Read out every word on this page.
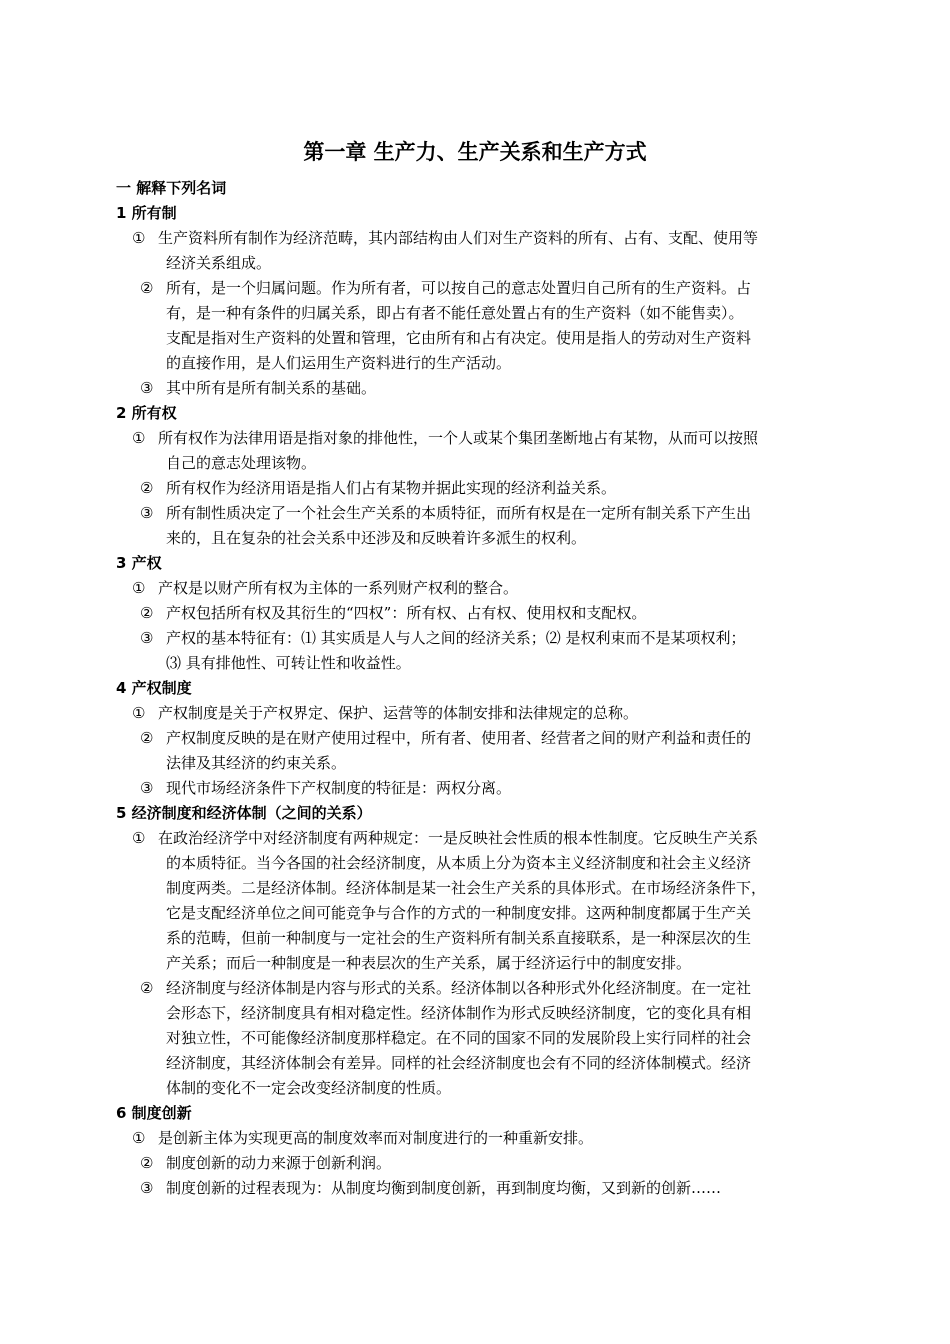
第一章 生产力、生产关系和生产方式
一 解释下列名词
1 所有制
① 生产资料所有制作为经济范畴，其内部结构由人们对生产资料的所有、占有、支配、使用等
经济关系组成。
② 所有，是一个归属问题。作为所有者，可以按自己的意志处置归自己所有的生产资料。占
有，是一种有条件的归属关系，即占有者不能任意处置占有的生产资料（如不能售卖）。
支配是指对生产资料的处置和管理，它由所有和占有决定。使用是指人的劳动对生产资料
的直接作用，是人们运用生产资料进行的生产活动。
③ 其中所有是所有制关系的基础。
2 所有权
① 所有权作为法律用语是指对象的排他性，一个人或某个集团垄断地占有某物，从而可以按照
自己的意志处理该物。
② 所有权作为经济用语是指人们占有某物并据此实现的经济利益关系。
③ 所有制性质决定了一个社会生产关系的本质特征，而所有权是在一定所有制关系下产生出
来的，且在复杂的社会关系中还涉及和反映着许多派生的权利。
3 产权
① 产权是以财产所有权为主体的一系列财产权利的整合。
② 产权包括所有权及其衍生的“四权”：所有权、占有权、使用权和支配权。
③ 产权的基本特征有：⑴ 其实质是人与人之间的经济关系；⑵ 是权利束而不是某项权利；
⑶ 具有排他性、可转让性和收益性。
4 产权制度
① 产权制度是关于产权界定、保护、运营等的体制安排和法律规定的总称。
② 产权制度反映的是在财产使用过程中，所有者、使用者、经营者之间的财产利益和责任的
法律及其经济的约束关系。
③ 现代市场经济条件下产权制度的特征是：两权分离。
5 经济制度和经济体制（之间的关系）
① 在政治经济学中对经济制度有两种规定：一是反映社会性质的根本性制度。它反映生产关系
的本质特征。当今各国的社会经济制度，从本质上分为资本主义经济制度和社会主义经济
制度两类。二是经济体制。经济体制是某一社会生产关系的具体形式。在市场经济条件下，
它是支配经济单位之间可能竞争与合作的方式的一种制度安排。这两种制度都属于生产关
系的范畴，但前一种制度与一定社会的生产资料所有制关系直接联系，是一种深层次的生
产关系；而后一种制度是一种表层次的生产关系，属于经济运行中的制度安排。
② 经济制度与经济体制是内容与形式的关系。经济体制以各种形式外化经济制度。在一定社
会形态下，经济制度具有相对稳定性。经济体制作为形式反映经济制度，它的变化具有相
对独立性，不可能像经济制度那样稳定。在不同的国家不同的发展阶段上实行同样的社会
经济制度，其经济体制会有差异。同样的社会经济制度也会有不同的经济体制模式。经济
体制的变化不一定会改变经济制度的性质。
6 制度创新
① 是创新主体为实现更高的制度效率而对制度进行的一种重新安排。
② 制度创新的动力来源于创新利润。
③ 制度创新的过程表现为：从制度均衡到制度创新，再到制度均衡，又到新的创新……
